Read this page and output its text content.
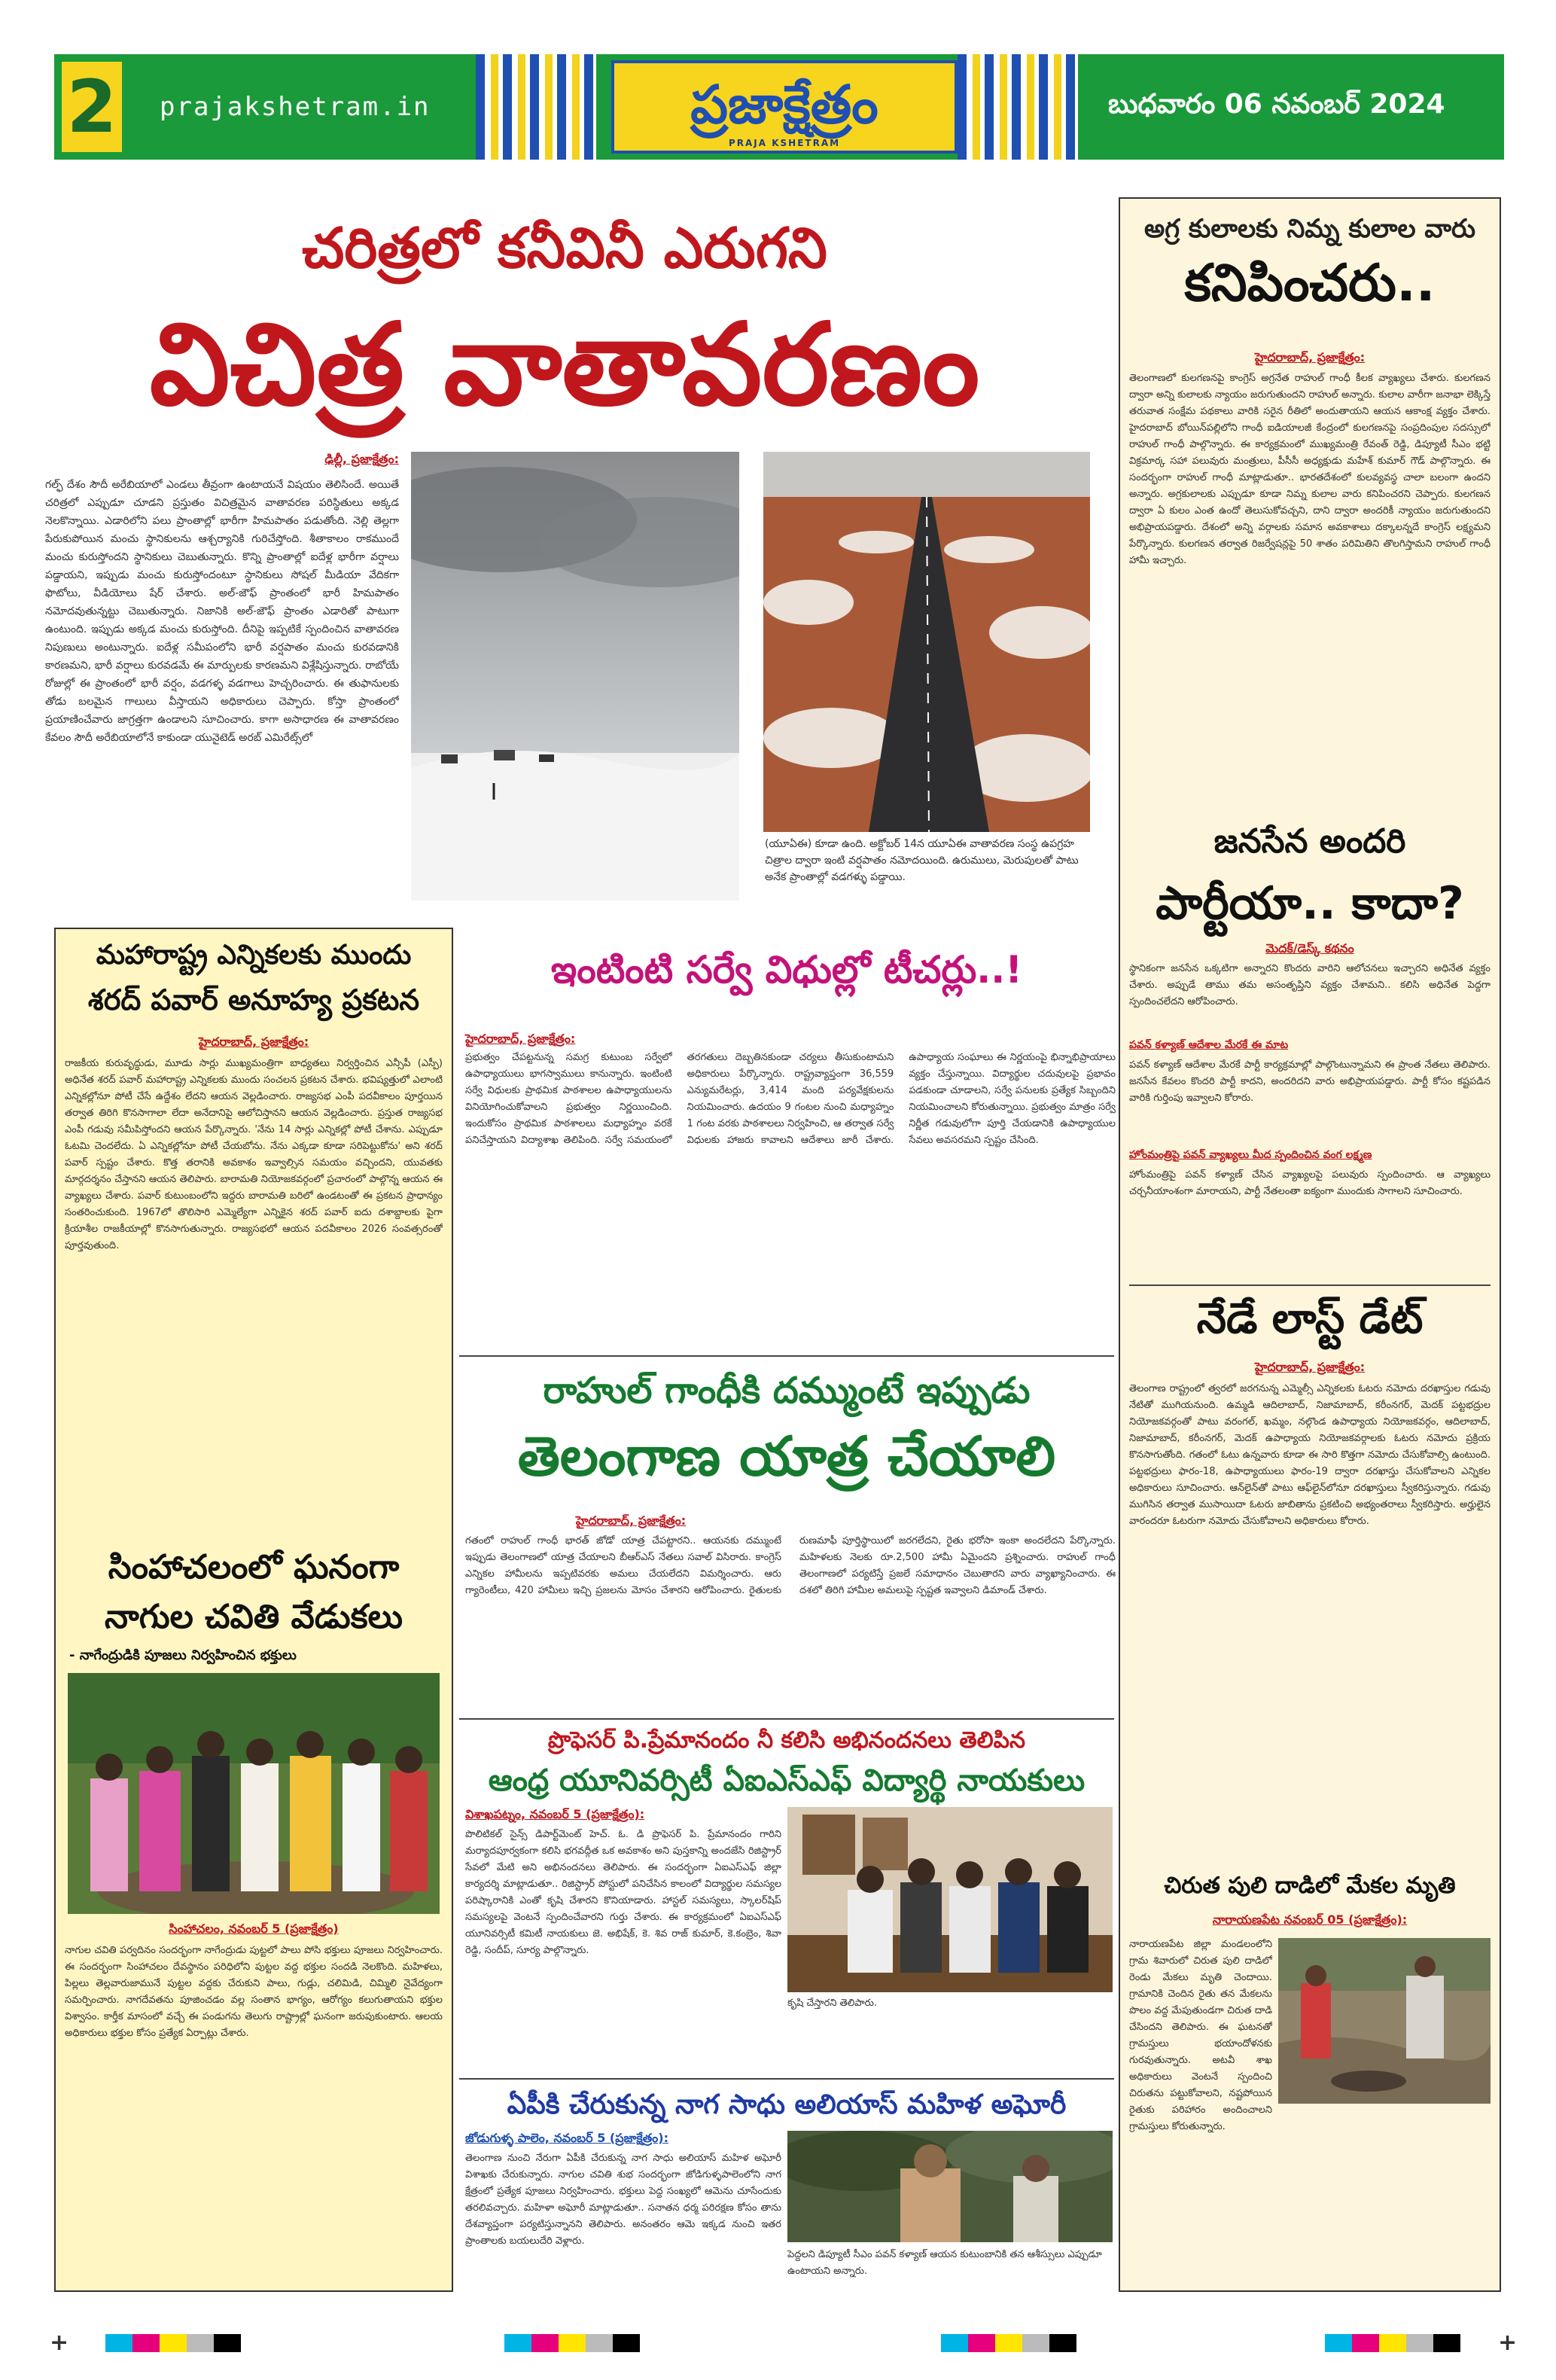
2 prajakshetram.in	ప్రజాక్షేత్రం
PRAJA KSHETRAM
బుధవారం 06 నవంబర్ 2024
చరిత్రలో కనీవినీ ఎరుగని
విచిత్ర వాతావరణం
ఢిల్లీ, ప్రజాక్షేత్రం:
గల్ఫ్ దేశం సౌదీ అరేబియాలో ఎండలు తీవ్రంగా ఉంటాయనే విషయం తెలిసిందే. అయితే చరిత్రలో ఎప్పుడూ చూడని ప్రస్తుతం విచిత్రమైన వాతావరణ పరిస్థితులు అక్కడ నెలకొన్నాయి. ఎడారిలోని పలు ప్రాంతాల్లో భారీగా హిమపాతం పడుతోంది. నెల్లి తెల్లగా పేరుకుపోయిన మంచు స్థానికులను ఆశ్చర్యానికి గురిచేస్తోంది. శీతాకాలం రాకముందే మంచు కురుస్తోందని స్థానికులు చెబుతున్నారు. కొన్ని ప్రాంతాల్లో ఐదేళ్ల భారీగా వర్షాలు పడ్డాయని, ఇప్పుడు మంచు కురుస్తోందంటూ స్థానికులు సోషల్ మీడియా వేదికగా ఫొటోలు, వీడియోలు షేర్ చేశారు. అల్-జౌఫ్ ప్రాంతంలో భారీ హిమపాతం నమోదవుతున్నట్టు చెబుతున్నారు. నిజానికి అల్-జౌఫ్ ప్రాంతం ఎడారితో పాటుగా ఉంటుంది. ఇప్పుడు అక్కడ మంచు కురుస్తోంది. దీనిపై ఇప్పటికే స్పందించిన వాతావరణ నిపుణులు అంటున్నారు. ఐదేళ్ల సమీపంలోని భారీ వర్షపాతం మంచు కురవడానికి కారణమని, భారీ వర్షాలు కురవడమే ఈ మార్పులకు కారణమని విశ్లేషిస్తున్నారు. రాబోయే రోజుల్లో ఈ ప్రాంతంలో భారీ వర్షం, వడగళ్ళ వడగాలు హెచ్చరించారు. ఈ తుఫానులకు తోడు బలమైన గాలులు వీస్తాయని అధికారులు చెప్పారు. కోస్తా ప్రాంతంలో ప్రయాణించేవారు జాగ్రత్తగా ఉండాలని సూచించారు. కాగా అసాధారణ ఈ వాతావరణం కేవలం సౌదీ అరేబియాలోనే కాకుండా యునైటెడ్ అరబ్ ఎమిరేట్స్‌లో
(యూఏఈ) కూడా ఉంది. అక్టోబర్ 14న యూఏఈ వాతావరణ సంస్థ ఉపగ్రహ చిత్రాల ద్వారా ఇంటి వర్షపాతం నమోదయింది. ఉరుములు, మెరుపులతో పాటు అనేక ప్రాంతాల్లో వడగళ్ళు పడ్డాయి.
అగ్ర కులాలకు నిమ్న కులాల వారు
కనిపించరు..
హైదరాబాద్, ప్రజాక్షేత్రం:
తెలంగాణలో కులగణనపై కాంగ్రెస్ అగ్రనేత రాహుల్ గాంధీ కీలక వ్యాఖ్యలు చేశారు. కులగణన ద్వారా అన్ని కులాలకు న్యాయం జరుగుతుందని రాహుల్ అన్నారు. కులాల వారీగా జనాభా లెక్కిస్తే తరువాత సంక్షేమ పథకాలు వారికి సరైన రీతిలో అందుతాయని ఆయన ఆకాంక్ష వ్యక్తం చేశారు. హైదరాబాద్ బోయిన్‌పల్లిలోని గాంధీ ఐడియాలజీ కేంద్రంలో కులగణనపై సంప్రదింపుల సదస్సులో రాహుల్ గాంధీ పాల్గొన్నారు. ఈ కార్యక్రమంలో ముఖ్యమంత్రి రేవంత్ రెడ్డి, డిప్యూటీ సీఎం భట్టి విక్రమార్క సహా పలువురు మంత్రులు, పీసీసీ అధ్యక్షుడు మహేశ్ కుమార్ గౌడ్ పాల్గొన్నారు. ఈ సందర్భంగా రాహుల్ గాంధీ మాట్లాడుతూ.. భారతదేశంలో కులవ్యవస్థ చాలా బలంగా ఉందని అన్నారు. అగ్రకులాలకు ఎప్పుడూ కూడా నిమ్న కులాల వారు కనిపించరని చెప్పారు. కులగణన ద్వారా ఏ కులం ఎంత ఉందో తెలుసుకోవచ్చని, దాని ద్వారా అందరికీ న్యాయం జరుగుతుందని అభిప్రాయపడ్డారు. దేశంలో అన్ని వర్గాలకు సమాన అవకాశాలు దక్కాలన్నదే కాంగ్రెస్ లక్ష్యమని పేర్కొన్నారు. కులగణన తర్వాత రిజర్వేషన్లపై 50 శాతం పరిమితిని తొలగిస్తామని రాహుల్ గాంధీ హామీ ఇచ్చారు.
జనసేన అందరి
పార్టీయా.. కాదా?
మెదక్/డెస్క్ కథనం
స్థానికంగా జనసేన ఒక్కటిగా అన్నారని కొందరు వారిని ఆలోచనలు ఇచ్చారని అధినేత వ్యక్తం చేశారు. అప్పుడే తాము తమ అసంతృప్తిని వ్యక్తం చేశామని.. కలిసి అధినేత పెద్దగా స్పందించలేదని ఆరోపించారు.
పవన్ కళ్యాణ్ ఆదేశాల మేరకే ఈ మాట
పవన్ కళ్యాణ్ ఆదేశాల మేరకే పార్టీ కార్యక్రమాల్లో పాల్గొంటున్నామని ఈ ప్రాంత నేతలు తెలిపారు. జనసేన కేవలం కొందరి పార్టీ కాదని, అందరిదని వారు అభిప్రాయపడ్డారు. పార్టీ కోసం కష్టపడిన వారికి గుర్తింపు ఇవ్వాలని కోరారు.
హోంమంత్రిపై పవన్ వ్యాఖ్యలు మీద స్పందించిన వంగ లక్ష్మణ
హోంమంత్రిపై పవన్ కళ్యాణ్ చేసిన వ్యాఖ్యలపై పలువురు స్పందించారు. ఆ వ్యాఖ్యలు చర్చనీయాంశంగా మారాయని, పార్టీ నేతలంతా ఐక్యంగా ముందుకు సాగాలని సూచించారు.
నేడే లాస్ట్ డేట్
హైదరాబాద్, ప్రజాక్షేత్రం:
తెలంగాణ రాష్ట్రంలో త్వరలో జరగనున్న ఎమ్మెల్సీ ఎన్నికలకు ఓటరు నమోదు దరఖాస్తుల గడువు నేటితో ముగియనుంది. ఉమ్మడి ఆదిలాబాద్, నిజామాబాద్, కరీంనగర్, మెదక్ పట్టభద్రుల నియోజకవర్గంతో పాటు వరంగల్, ఖమ్మం, నల్గొండ ఉపాధ్యాయ నియోజకవర్గం, ఆదిలాబాద్, నిజామాబాద్, కరీంనగర్, మెదక్ ఉపాధ్యాయ నియోజకవర్గాలకు ఓటరు నమోదు ప్రక్రియ కొనసాగుతోంది. గతంలో ఓటు ఉన్నవారు కూడా ఈ సారి కొత్తగా నమోదు చేసుకోవాల్సి ఉంటుంది. పట్టభద్రులు ఫారం-18, ఉపాధ్యాయులు ఫారం-19 ద్వారా దరఖాస్తు చేసుకోవాలని ఎన్నికల అధికారులు సూచించారు. ఆన్‌లైన్‌తో పాటు ఆఫ్‌లైన్‌లోనూ దరఖాస్తులు స్వీకరిస్తున్నారు. గడువు ముగిసిన తర్వాత ముసాయిదా ఓటరు జాబితాను ప్రకటించి అభ్యంతరాలు స్వీకరిస్తారు. అర్హులైన వారందరూ ఓటరుగా నమోదు చేసుకోవాలని అధికారులు కోరారు.
చిరుత పులి దాడిలో మేకల మృతి
నారాయణపేట నవంబర్ 05 (ప్రజాక్షేత్రం):
నారాయణపేట జిల్లా మండలంలోని గ్రామ శివారులో చిరుత పులి దాడిలో రెండు మేకలు మృతి చెందాయి. గ్రామానికి చెందిన రైతు తన మేకలను పొలం వద్ద మేపుతుండగా చిరుత దాడి చేసిందని తెలిపారు. ఈ ఘటనతో గ్రామస్తులు భయాందోళనకు గురవుతున్నారు. అటవీ శాఖ అధికారులు వెంటనే స్పందించి చిరుతను పట్టుకోవాలని, నష్టపోయిన రైతుకు పరిహారం అందించాలని గ్రామస్తులు కోరుతున్నారు.
మహారాష్ట్ర ఎన్నికలకు ముందు
శరద్ పవార్ అనూహ్య ప్రకటన
హైదరాబాద్, ప్రజాక్షేత్రం:
రాజకీయ కురువృద్ధుడు, మూడు సార్లు ముఖ్యమంత్రిగా బాధ్యతలు నిర్వర్తించిన ఎన్సీపీ (ఎస్పీ) అధినేత శరద్ పవార్ మహారాష్ట్ర ఎన్నికలకు ముందు సంచలన ప్రకటన చేశారు. భవిష్యత్తులో ఎలాంటి ఎన్నికల్లోనూ పోటీ చేసే ఉద్దేశం లేదని ఆయన వెల్లడించారు. రాజ్యసభ ఎంపీ పదవీకాలం పూర్తయిన తర్వాత తిరిగి కొనసాగాలా లేదా అనేదానిపై ఆలోచిస్తానని ఆయన వెల్లడించారు. ప్రస్తుత రాజ్యసభ ఎంపీ గడువు సమీపిస్తోందని ఆయన పేర్కొన్నారు. 'నేను 14 సార్లు ఎన్నికల్లో పోటీ చేశాను. ఎప్పుడూ ఓటమి చెందలేదు. ఏ ఎన్నికల్లోనూ పోటీ చేయబోను. నేను ఎక్కడా కూడా సరిపెట్టుకోను' అని శరద్ పవార్ స్పష్టం చేశారు. కొత్త తరానికి అవకాశం ఇవ్వాల్సిన సమయం వచ్చిందని, యువతకు మార్గదర్శనం చేస్తానని ఆయన తెలిపారు. బారామతి నియోజకవర్గంలో ప్రచారంలో పాల్గొన్న ఆయన ఈ వ్యాఖ్యలు చేశారు. పవార్ కుటుంబంలోని ఇద్దరు బారామతి బరిలో ఉండటంతో ఈ ప్రకటన ప్రాధాన్యం సంతరించుకుంది. 1967లో తొలిసారి ఎమ్మెల్యేగా ఎన్నికైన శరద్ పవార్ ఐదు దశాబ్దాలకు పైగా క్రియాశీల రాజకీయాల్లో కొనసాగుతున్నారు. రాజ్యసభలో ఆయన పదవీకాలం 2026 సంవత్సరంతో పూర్తవుతుంది.
సింహాచలంలో ఘనంగా
నాగుల చవితి వేడుకలు
- నాగేంద్రుడికి పూజలు నిర్వహించిన భక్తులు
సింహాచలం, నవంబర్ 5 (ప్రజాక్షేత్రం)
నాగుల చవితి పర్వదినం సందర్భంగా నాగేంద్రుడు పుట్టలో పాలు పోసి భక్తులు పూజలు నిర్వహించారు. ఈ సందర్భంగా సింహాచలం దేవస్థానం పరిధిలోని పుట్టల వద్ద భక్తుల సందడి నెలకొంది. మహిళలు, పిల్లలు తెల్లవారుజామునే పుట్టల వద్దకు చేరుకుని పాలు, గుడ్లు, చలిమిడి, చిమ్మిలి నైవేద్యంగా సమర్పించారు. నాగదేవతను పూజించడం వల్ల సంతాన భాగ్యం, ఆరోగ్యం కలుగుతాయని భక్తుల విశ్వాసం. కార్తీక మాసంలో వచ్చే ఈ పండుగను తెలుగు రాష్ట్రాల్లో ఘనంగా జరుపుకుంటారు. ఆలయ అధికారులు భక్తుల కోసం ప్రత్యేక ఏర్పాట్లు చేశారు.
ఇంటింటి సర్వే విధుల్లో టీచర్లు..!
హైదరాబాద్, ప్రజాక్షేత్రం:
ప్రభుత్వం చేపట్టనున్న సమగ్ర కుటుంబ సర్వేలో ఉపాధ్యాయులు భాగస్వాములు కానున్నారు. ఇంటింటి సర్వే విధులకు ప్రాథమిక పాఠశాలల ఉపాధ్యాయులను వినియోగించుకోవాలని ప్రభుత్వం నిర్ణయించింది. ఇందుకోసం ప్రాథమిక పాఠశాలలు మధ్యాహ్నం వరకే పనిచేస్తాయని విద్యాశాఖ తెలిపింది. సర్వే సమయంలో తరగతులు దెబ్బతినకుండా చర్యలు తీసుకుంటామని అధికారులు పేర్కొన్నారు. రాష్ట్రవ్యాప్తంగా 36,559 ఎన్యుమరేటర్లు, 3,414 మంది పర్యవేక్షకులను నియమించారు. ఉదయం 9 గంటల నుంచి మధ్యాహ్నం 1 గంట వరకు పాఠశాలలు నిర్వహించి, ఆ తర్వాత సర్వే విధులకు హాజరు కావాలని ఆదేశాలు జారీ చేశారు. ఉపాధ్యాయ సంఘాలు ఈ నిర్ణయంపై భిన్నాభిప్రాయాలు వ్యక్తం చేస్తున్నాయి. విద్యార్థుల చదువులపై ప్రభావం పడకుండా చూడాలని, సర్వే పనులకు ప్రత్యేక సిబ్బందిని నియమించాలని కోరుతున్నాయి. ప్రభుత్వం మాత్రం సర్వే నిర్ణీత గడువులోగా పూర్తి చేయడానికి ఉపాధ్యాయుల సేవలు అవసరమని స్పష్టం చేసింది.
రాహుల్ గాంధీకి దమ్ముంటే ఇప్పుడు
తెలంగాణ యాత్ర చేయాలి
హైదరాబాద్, ప్రజాక్షేత్రం:
గతంలో రాహుల్ గాంధీ భారత్ జోడో యాత్ర చేపట్టారని.. ఆయనకు దమ్ముంటే ఇప్పుడు తెలంగాణలో యాత్ర చేయాలని బీఆర్ఎస్ నేతలు సవాల్ విసిరారు. కాంగ్రెస్ ఎన్నికల హామీలను ఇప్పటివరకు అమలు చేయలేదని విమర్శించారు. ఆరు గ్యారెంటీలు, 420 హామీలు ఇచ్చి ప్రజలను మోసం చేశారని ఆరోపించారు. రైతులకు రుణమాఫీ పూర్తిస్థాయిలో జరగలేదని, రైతు భరోసా ఇంకా అందలేదని పేర్కొన్నారు. మహిళలకు నెలకు రూ.2,500 హామీ ఏమైందని ప్రశ్నించారు. రాహుల్ గాంధీ తెలంగాణలో పర్యటిస్తే ప్రజలే సమాధానం చెబుతారని వారు వ్యాఖ్యానించారు. ఈ దశలో తిరిగి హామీల అమలుపై స్పష్టత ఇవ్వాలని డిమాండ్ చేశారు.
ప్రొఫెసర్ పి.ప్రేమానందం నీ కలిసి అభినందనలు తెలిపిన
ఆంధ్ర యూనివర్సిటీ ఏఐఎస్ఎఫ్ విద్యార్థి నాయకులు
విశాఖపట్నం, నవంబర్ 5 (ప్రజాక్షేత్రం):
పొలిటికల్ సైన్స్ డిపార్ట్‌మెంట్ హెచ్. ఓ. డి ప్రొఫెసర్ పి. ప్రేమానందం గారిని మర్యాదపూర్వకంగా కలిసి భగవద్గీత ఒక అవకాశం అని పుస్తకాన్ని అందజేసి రిజిస్ట్రార్ సేవలో మేటి అని అభినందనలు తెలిపారు. ఈ సందర్భంగా ఏఐఎస్ఎఫ్ జిల్లా కార్యదర్శి మాట్లాడుతూ.. రిజిస్ట్రార్ పోస్టులో పనిచేసిన కాలంలో విద్యార్థుల సమస్యల పరిష్కారానికి ఎంతో కృషి చేశారని కొనియాడారు. హాస్టల్ సమస్యలు, స్కాలర్‌షిప్ సమస్యలపై వెంటనే స్పందించేవారని గుర్తు చేశారు. ఈ కార్యక్రమంలో ఏఐఎస్ఎఫ్ యూనివర్సిటీ కమిటీ నాయకులు జె. అభిషేక్, కె. శివ రాజ్ కుమార్, కె.కంబ్రెం, శివా రెడ్డి, సందీప్, సూర్య పాల్గొన్నారు.
కృషి చేస్తారని తెలిపారు.
ఏపీకి చేరుకున్న నాగ సాధు అలియాస్ మహిళ అఘోరీ
జోడుగుళ్ళ పాలెం, నవంబర్ 5 (ప్రజాక్షేత్రం):
తెలంగాణ నుంచి నేరుగా ఏపీకి చేరుకున్న నాగ సాధు అలియాస్ మహిళ అఘోరీ విశాఖకు చేరుకున్నారు. నాగుల చవితి శుభ సందర్భంగా జోడిగుళ్ళపాలెంలోని నాగ క్షేత్రంలో ప్రత్యేక పూజలు నిర్వహించారు. భక్తులు పెద్ద సంఖ్యలో ఆమెను చూసేందుకు తరలివచ్చారు. మహిళా అఘోరీ మాట్లాడుతూ.. సనాతన ధర్మ పరిరక్షణ కోసం తాను దేశవ్యాప్తంగా పర్యటిస్తున్నానని తెలిపారు. అనంతరం ఆమె ఇక్కడ నుంచి ఇతర ప్రాంతాలకు బయలుదేరి వెళ్లారు.
పెద్దలని డిప్యూటీ సీఎం పవన్ కళ్యాణ్ ఆయన కుటుంబానికి తన ఆశీస్సులు ఎప్పుడూ ఉంటాయని అన్నారు.
+	+
